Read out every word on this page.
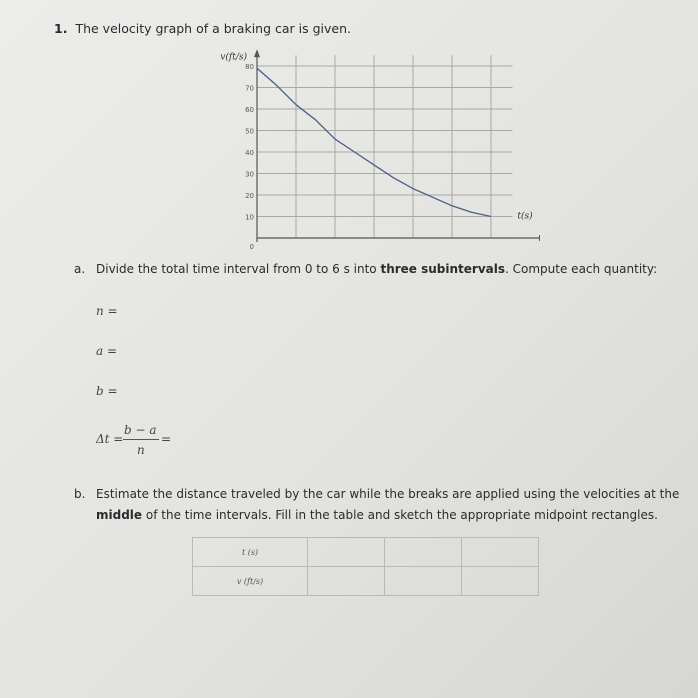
1. The velocity graph of a braking car is given.
10
20
30
40
50
60
70
80
0
v(ft/s)
t(s)
a. Divide the total time interval from 0 to 6 s into three subintervals. Compute each quantity:
n =
a =
b =
Δt =
b − a
n
=
b. Estimate the distance traveled by the car while the breaks are applied using the velocities at the
middle of the time intervals. Fill in the table and sketch the appropriate midpoint rectangles.
t (s)			
v (ft/s)			
